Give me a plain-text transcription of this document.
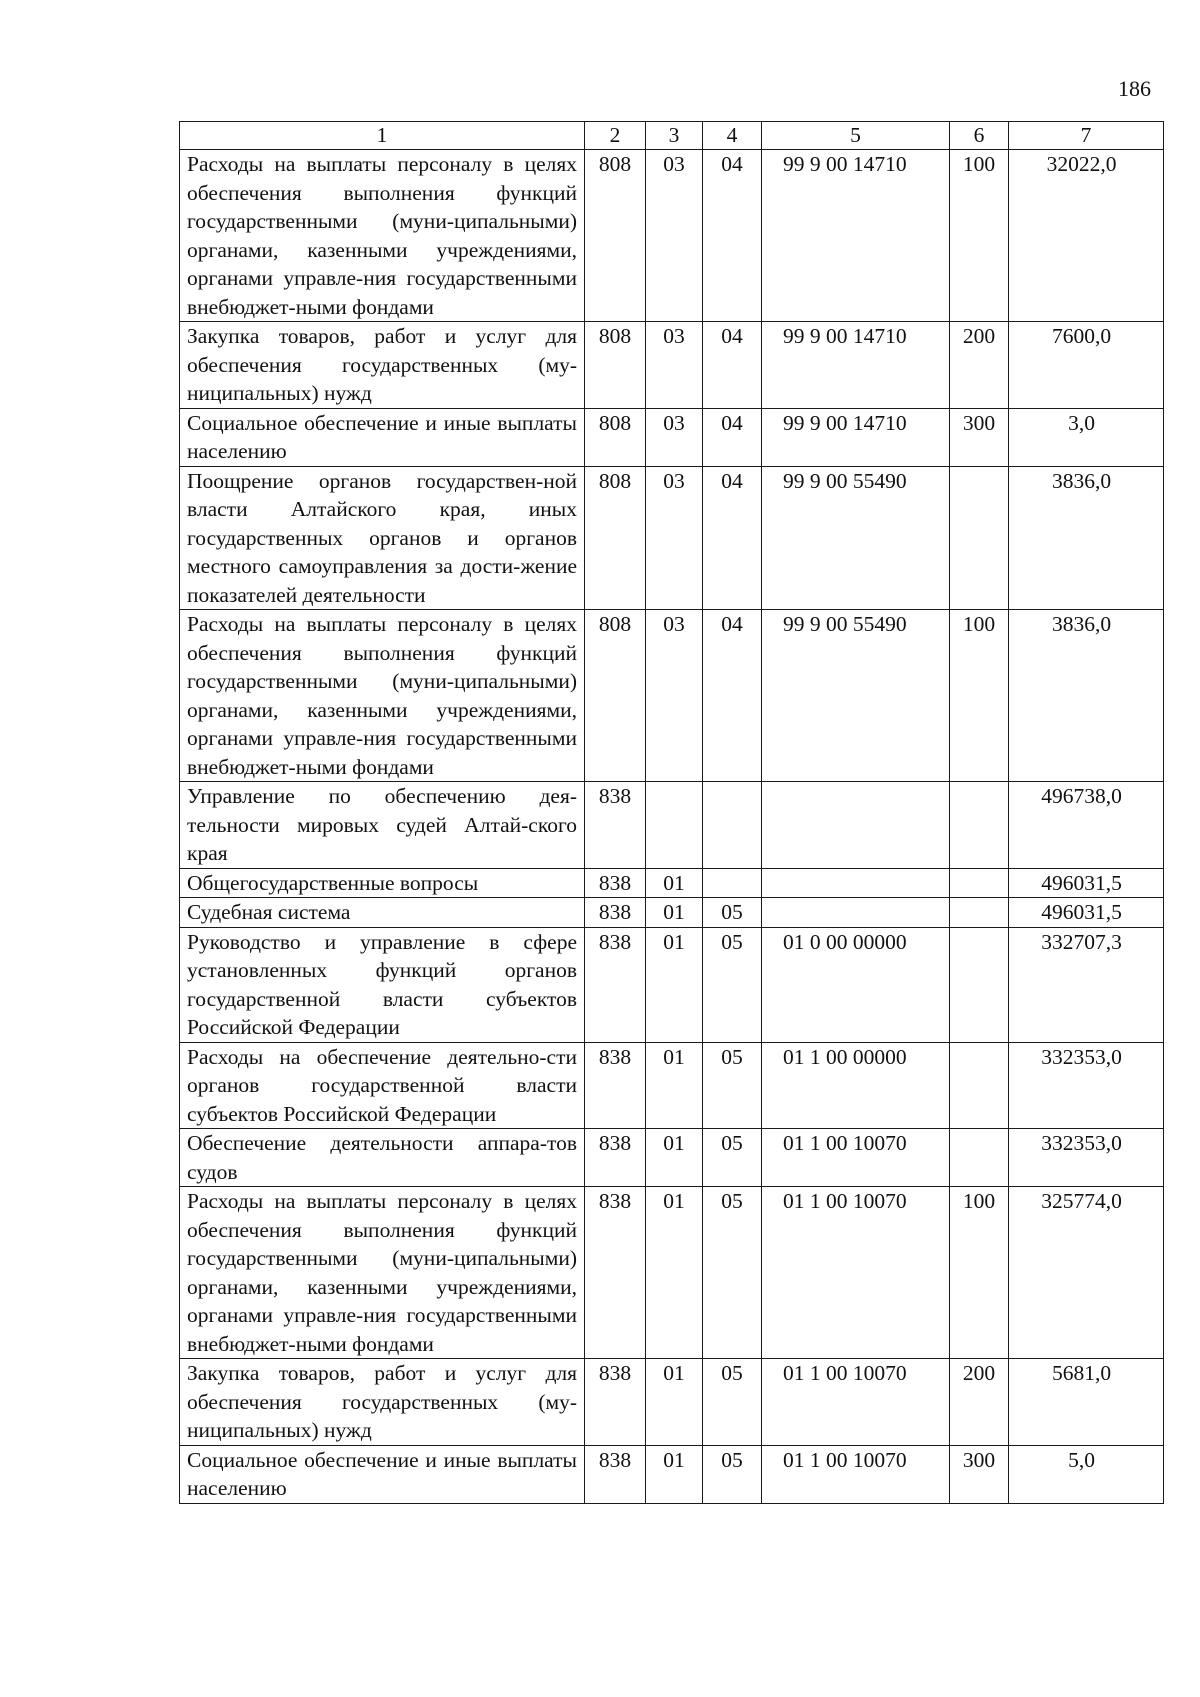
186
1	2	3	4	5	6	7
Расходы на выплаты персоналу в целях обеспечения выполнения функций государственными (муни-ципальными) органами, казенными учреждениями, органами управле-ния государственными внебюджет-ными фондами	808	03	04	99 9 00 14710	100	32022,0
Закупка товаров, работ и услуг для обеспечения государственных (му-ниципальных) нужд	808	03	04	99 9 00 14710	200	7600,0
Социальное обеспечение и иные выплаты населению	808	03	04	99 9 00 14710	300	3,0
Поощрение органов государствен-ной власти Алтайского края, иных государственных органов и органов местного самоуправления за дости-жение показателей деятельности	808	03	04	99 9 00 55490		3836,0
Расходы на выплаты персоналу в целях обеспечения выполнения функций государственными (муни-ципальными) органами, казенными учреждениями, органами управле-ния государственными внебюджет-ными фондами	808	03	04	99 9 00 55490	100	3836,0
Управление по обеспечению дея-тельности мировых судей Алтай-ского края	838					496738,0
Общегосударственные вопросы	838	01				496031,5
Судебная система	838	01	05			496031,5
Руководство и управление в сфере установленных функций органов государственной власти субъектов Российской Федерации	838	01	05	01 0 00 00000		332707,3
Расходы на обеспечение деятельно-сти органов государственной власти субъектов Российской Федерации	838	01	05	01 1 00 00000		332353,0
Обеспечение деятельности аппара-тов судов	838	01	05	01 1 00 10070		332353,0
Расходы на выплаты персоналу в целях обеспечения выполнения функций государственными (муни-ципальными) органами, казенными учреждениями, органами управле-ния государственными внебюджет-ными фондами	838	01	05	01 1 00 10070	100	325774,0
Закупка товаров, работ и услуг для обеспечения государственных (му-ниципальных) нужд	838	01	05	01 1 00 10070	200	5681,0
Социальное обеспечение и иные выплаты населению	838	01	05	01 1 00 10070	300	5,0
